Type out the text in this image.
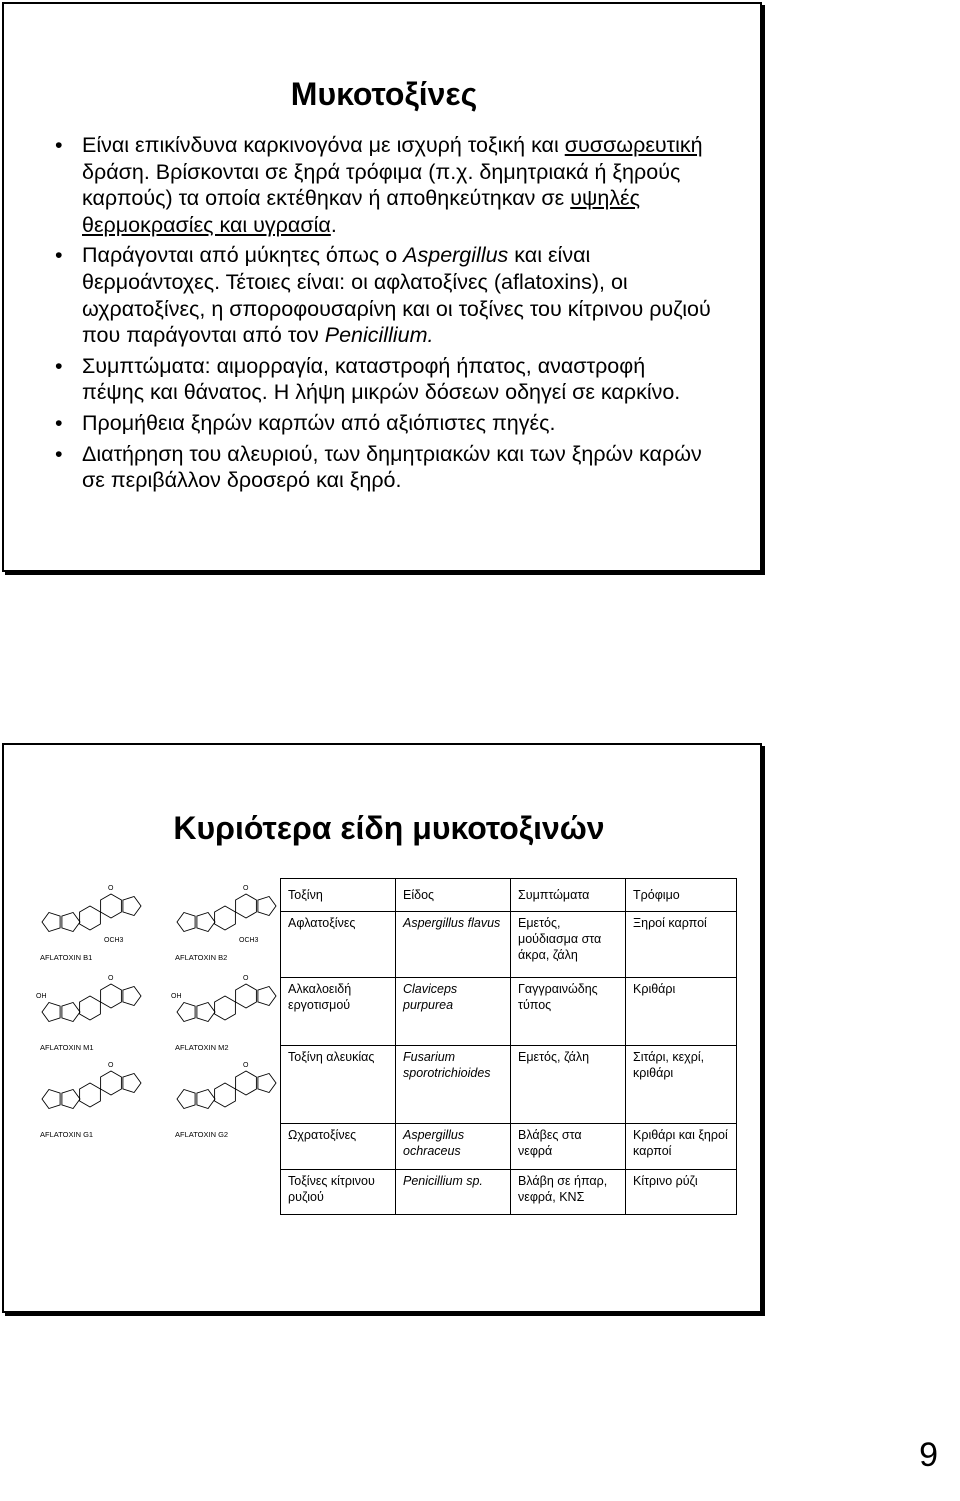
Μυκοτοξίνες
• Είναι επικίνδυνα καρκινογόνα με ισχυρή τοξική και συσσωρευτική δράση. Βρίσκονται σε ξηρά τρόφιμα (π.χ. δημητριακά ή ξηρούς καρπούς) τα οποία εκτέθηκαν ή αποθηκεύτηκαν σε υψηλές θερμοκρασίες και υγρασία.
• Παράγονται από μύκητες όπως ο Aspergillus και είναι θερμοάντοχες. Τέτοιες είναι: οι αφλατοξίνες (aflatoxins), οι ωχρατοξίνες, η σποροφουσαρίνη και οι τοξίνες του κίτρινου ρυζιού που παράγονται από τον Penicillium.
• Συμπτώματα: αιμορραγία, καταστροφή ήπατος, αναστροφή πέψης και θάνατος. Η λήψη μικρών δόσεων οδηγεί σε καρκίνο.
• Προμήθεια ξηρών καρπών από αξιόπιστες πηγές.
• Διατήρηση του αλευριού, των δημητριακών και των ξηρών καρών σε περιβάλλον δροσερό και ξηρό.
Κυριότερα είδη μυκοτοξινών
Τοξίνη	Είδος	Συμπτώματα	Τρόφιμο
Αφλατοξίνες	Aspergillus flavus	Εμετός, μούδιασμα στα άκρα, ζάλη	Ξηροί καρποί
Αλκαλοειδή εργοτισμού	Claviceps purpurea	Γαγγραινώδης τύπος	Κριθάρι
Τοξίνη αλευκίας	Fusarium sporotrichioides	Εμετός, ζάλη	Σιτάρι, κεχρί, κριθάρι
Ωχρατοξίνες	Aspergillus ochraceus	Βλάβες στα νεφρά	Κριθάρι και ξηροί καρποί
Τοξίνες κίτρινου ρυζιού	Penicillium sp.	Βλάβη σε ήπαρ, νεφρά, ΚΝΣ	Κίτρινο ρύζι
O
OCH3
AFLATOXIN B1
O
OCH3
AFLATOXIN B2
O
OH
AFLATOXIN M1
O
OH
AFLATOXIN M2
O
AFLATOXIN G1
O
AFLATOXIN G2
9
